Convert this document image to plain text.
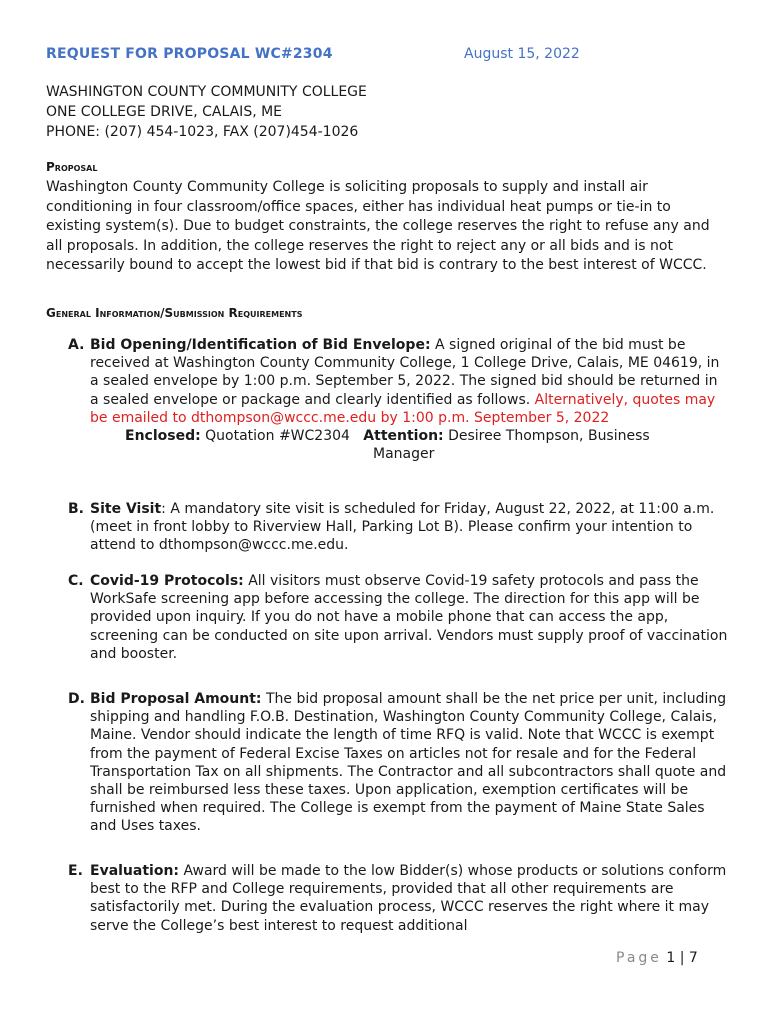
REQUEST FOR PROPOSAL WC#2304	August 15, 2022
WASHINGTON COUNTY COMMUNITY COLLEGE
ONE COLLEGE DRIVE, CALAIS, ME
PHONE: (207) 454-1023, FAX (207)454-1026
Proposal
Washington County Community College is soliciting proposals to supply and install air conditioning in four classroom/office spaces, either has individual heat pumps or tie-in to existing system(s). Due to budget constraints, the college reserves the right to refuse any and all proposals. In addition, the college reserves the right to reject any or all bids and is not necessarily bound to accept the lowest bid if that bid is contrary to the best interest of WCCC.
General Information/Submission Requirements
A. Bid Opening/Identification of Bid Envelope: A signed original of the bid must be received at Washington County Community College, 1 College Drive, Calais, ME 04619, in a sealed envelope by 1:00 p.m. September 5, 2022. The signed bid should be returned in a sealed envelope or package and clearly identified as follows. Alternatively, quotes may be emailed to dthompson@wccc.me.edu by 1:00 p.m. September 5, 2022
Enclosed: Quotation #WC2304 Attention: Desiree Thompson, Business
Manager
B. Site Visit: A mandatory site visit is scheduled for Friday, August 22, 2022, at 11:00 a.m. (meet in front lobby to Riverview Hall, Parking Lot B). Please confirm your intention to attend to dthompson@wccc.me.edu.
C. Covid-19 Protocols: All visitors must observe Covid-19 safety protocols and pass the WorkSafe screening app before accessing the college. The direction for this app will be provided upon inquiry. If you do not have a mobile phone that can access the app, screening can be conducted on site upon arrival. Vendors must supply proof of vaccination and booster.
D. Bid Proposal Amount: The bid proposal amount shall be the net price per unit, including shipping and handling F.O.B. Destination, Washington County Community College, Calais, Maine. Vendor should indicate the length of time RFQ is valid. Note that WCCC is exempt from the payment of Federal Excise Taxes on articles not for resale and for the Federal Transportation Tax on all shipments. The Contractor and all subcontractors shall quote and shall be reimbursed less these taxes. Upon application, exemption certificates will be furnished when required. The College is exempt from the payment of Maine State Sales and Uses taxes.
E. Evaluation: Award will be made to the low Bidder(s) whose products or solutions conform best to the RFP and College requirements, provided that all other requirements are satisfactorily met. During the evaluation process, WCCC reserves the right where it may serve the College’s best interest to request additional
Page 1 | 7
